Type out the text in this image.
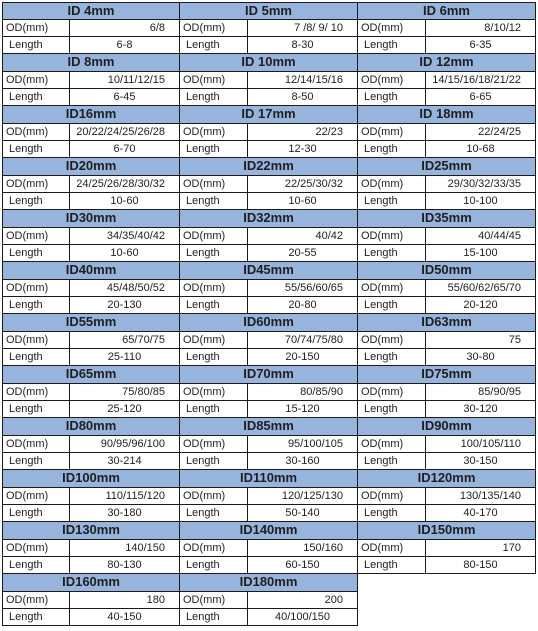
ID 4mm
OD(mm)	6/8
Length	6-8
ID 5mm
OD(mm)	7 /8/ 9/ 10
Length	8-30
ID 6mm
OD(mm)	8/10/12
Length	6-35
ID 8mm
OD(mm)	10/11/12/15
Length	6-45
ID 10mm
OD(mm)	12/14/15/16
Length	8-50
ID 12mm
OD(mm)	14/15/16/18/21/22
Length	6-65
ID16mm
OD(mm)	20/22/24/25/26/28
Length	6-70
ID 17mm
OD(mm)	22/23
Length	12-30
ID 18mm
OD(mm)	22/24/25
Length	10-68
ID20mm
OD(mm)	24/25/26/28/30/32
Length	10-60
ID22mm
OD(mm)	22/25/30/32
Length	10-60
ID25mm
OD(mm)	29/30/32/33/35
Length	10-100
ID30mm
OD(mm)	34/35/40/42
Length	10-60
ID32mm
OD(mm)	40/42
Length	20-55
ID35mm
OD(mm)	40/44/45
Length	15-100
ID40mm
OD(mm)	45/48/50/52
Length	20-130
ID45mm
OD(mm)	55/56/60/65
Length	20-80
ID50mm
OD(mm)	55/60/62/65/70
Length	20-120
ID55mm
OD(mm)	65/70/75
Length	25-110
ID60mm
OD(mm)	70/74/75/80
Length	20-150
ID63mm
OD(mm)	75
Length	30-80
ID65mm
OD(mm)	75/80/85
Length	25-120
ID70mm
OD(mm)	80/85/90
Length	15-120
ID75mm
OD(mm)	85/90/95
Length	30-120
ID80mm
OD(mm)	90/95/96/100
Length	30-214
ID85mm
OD(mm)	95/100/105
Length	30-160
ID90mm
OD(mm)	100/105/110
Length	30-150
ID100mm
OD(mm)	110/115/120
Length	30-180
ID110mm
OD(mm)	120/125/130
Length	50-140
ID120mm
OD(mm)	130/135/140
Length	40-170
ID130mm
OD(mm)	140/150
Length	80-130
ID140mm
OD(mm)	150/160
Length	60-150
ID150mm
OD(mm)	170
Length	80-150
ID160mm
OD(mm)	180
Length	40-150
ID180mm
OD(mm)	200
Length	40/100/150
